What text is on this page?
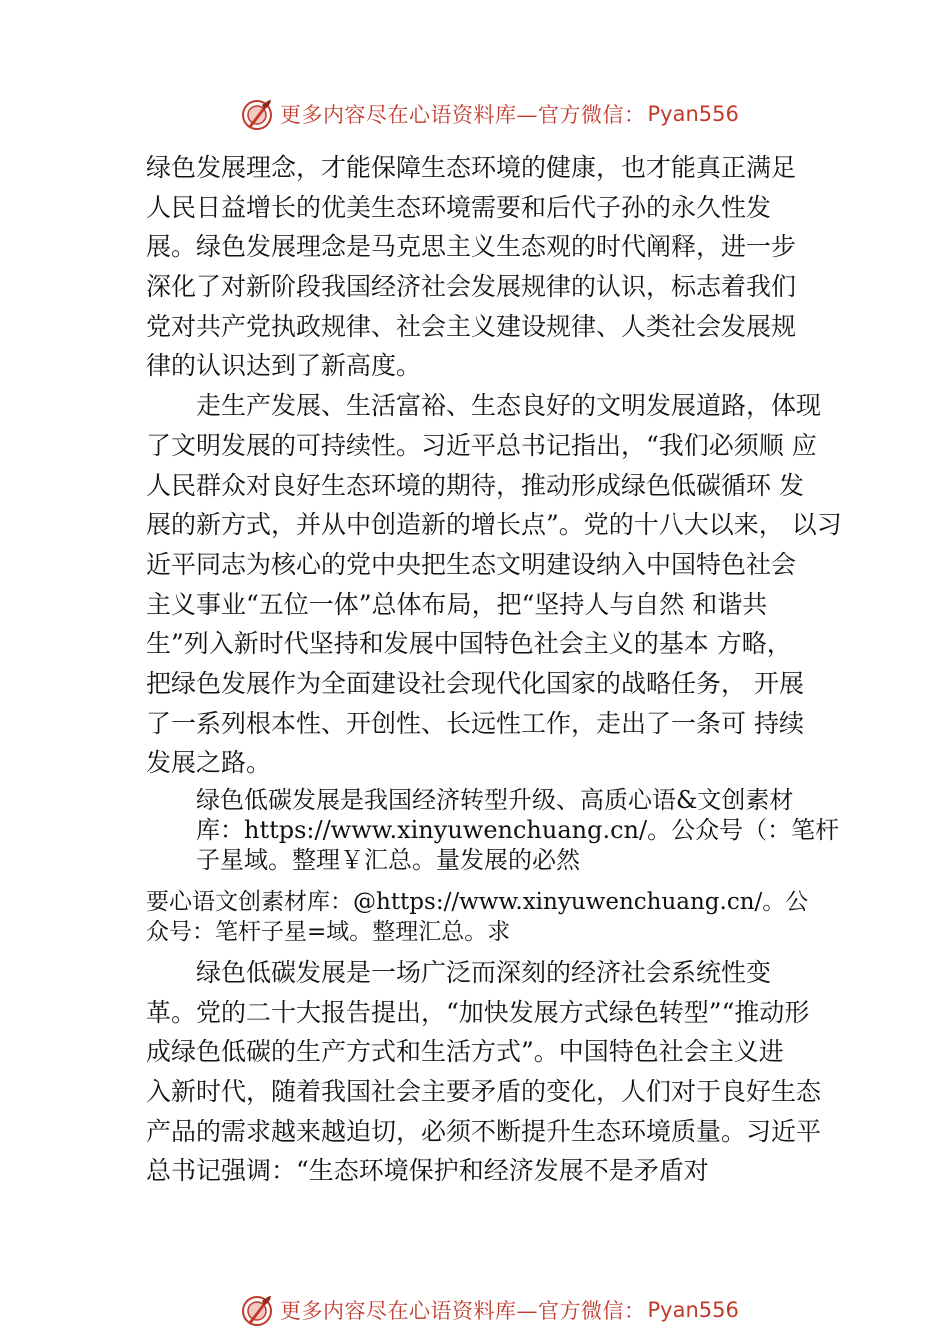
更多内容尽在心语资料库—官方微信： Pyan556
绿色发展理念，才能保障生态环境的健康，也才能真正满足
人民日益增长的优美生态环境需要和后代子孙的永久性发
展。绿色发展理念是马克思主义生态观的时代阐释，进一步
深化了对新阶段我国经济社会发展规律的认识，标志着我们
党对共产党执政规律、社会主义建设规律、人类社会发展规
律的认识达到了新高度。
走生产发展、生活富裕、生态良好的文明发展道路，体现
了文明发展的可持续性。习近平总书记指出，“我们必须顺 应
人民群众对良好生态环境的期待，推动形成绿色低碳循环 发
展的新方式，并从中创造新的增长点”。党的十八大以来， 以习
近平同志为核心的党中央把生态文明建设纳入中国特色社会
主义事业“五位一体”总体布局，把“坚持人与自然 和谐共
生”列入新时代坚持和发展中国特色社会主义的基本 方略，
把绿色发展作为全面建设社会现代化国家的战略任务， 开展
了一系列根本性、开创性、长远性工作，走出了一条可 持续
发展之路。
绿色低碳发展是我国经济转型升级、高质心语&文创素材
库：https://www.xinyuwenchuang.cn/。公众号（：笔杆
子星域。整理￥汇总。量发展的必然
要心语文创素材库：@https://www.xinyuwenchuang.cn/。公
众号：笔杆子星=域。整理汇总。求
绿色低碳发展是一场广泛而深刻的经济社会系统性变
革。党的二十大报告提出，“加快发展方式绿色转型”“推动形
成绿色低碳的生产方式和生活方式”。中国特色社会主义进
入新时代，随着我国社会主要矛盾的变化，人们对于良好生态
产品的需求越来越迫切，必须不断提升生态环境质量。习近平
总书记强调：“生态环境保护和经济发展不是矛盾对
更多内容尽在心语资料库—官方微信： Pyan556
